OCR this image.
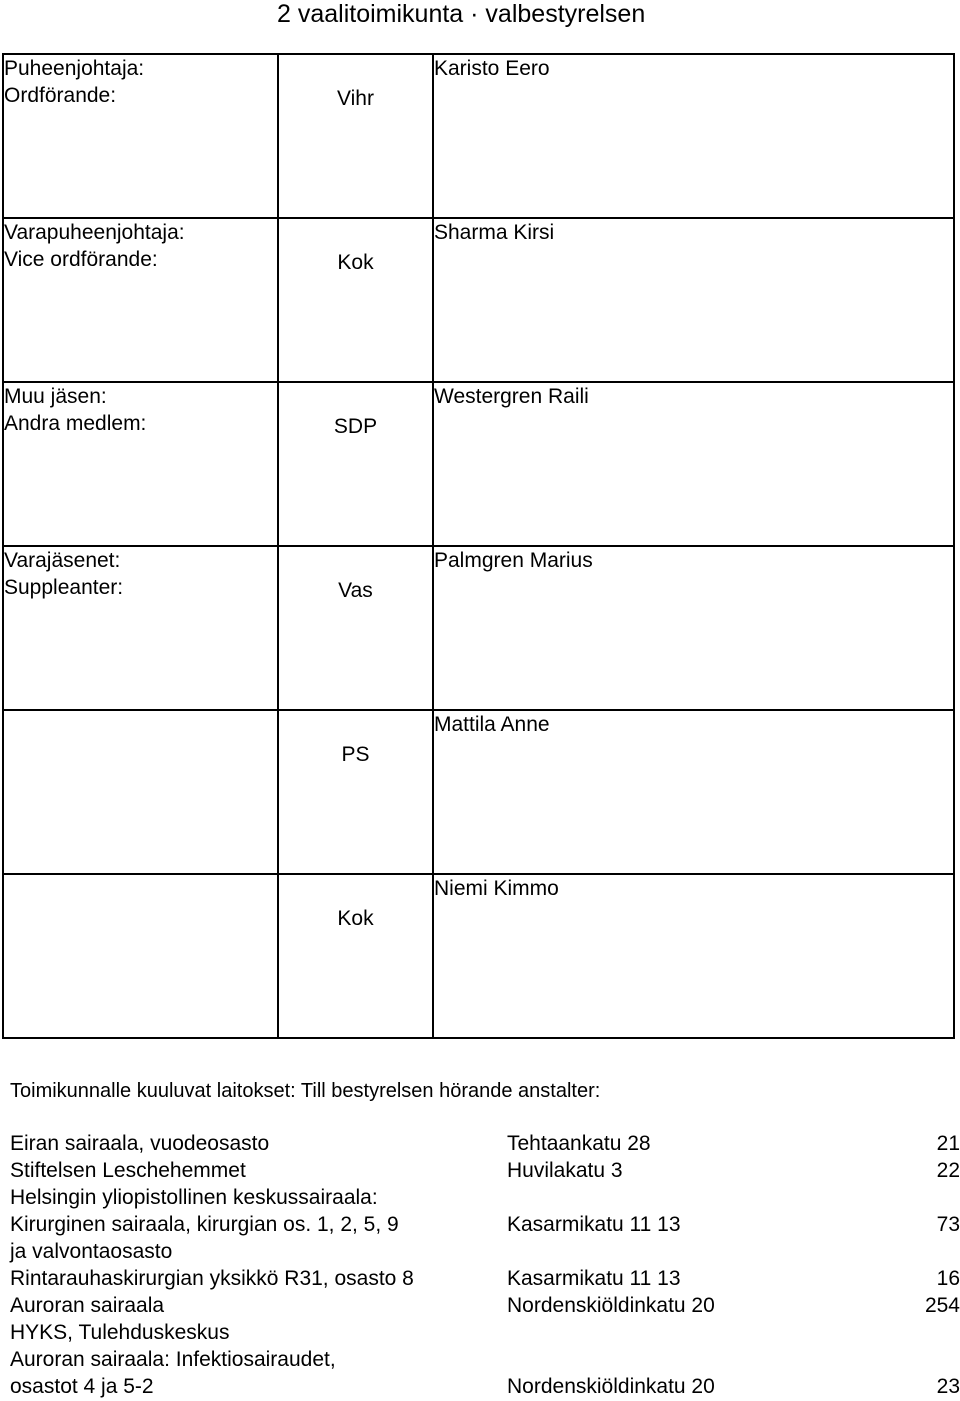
2 vaalitoimikunta · valbestyrelsen
Puheenjohtaja:
Ordförande:	Vihr	Karisto Eero

Varapuheenjohtaja:
Vice ordförande:	Kok	Sharma Kirsi

Muu jäsen:
Andra medlem:	SDP	Westergren Raili

Varajäsenet:
Suppleanter:	Vas	Palmgren Marius

	PS	Mattila Anne

	Kok	Niemi Kimmo
Toimikunnalle kuuluvat laitokset: Till bestyrelsen hörande anstalter:
Eiran sairaala, vuodeosasto	Tehtaankatu 28	21
Stiftelsen Leschehemmet	Huvilakatu 3	22
Helsingin yliopistollinen keskussairaala:
Kirurginen sairaala, kirurgian os. 1, 2, 5, 9	Kasarmikatu 11 13	73
ja valvontaosasto
Rintarauhaskirurgian yksikkö R31, osasto 8	Kasarmikatu 11 13	16
Auroran sairaala	Nordenskiöldinkatu 20	254
HYKS, Tulehduskeskus
Auroran sairaala: Infektiosairaudet,
osastot 4 ja 5-2	Nordenskiöldinkatu 20	23
